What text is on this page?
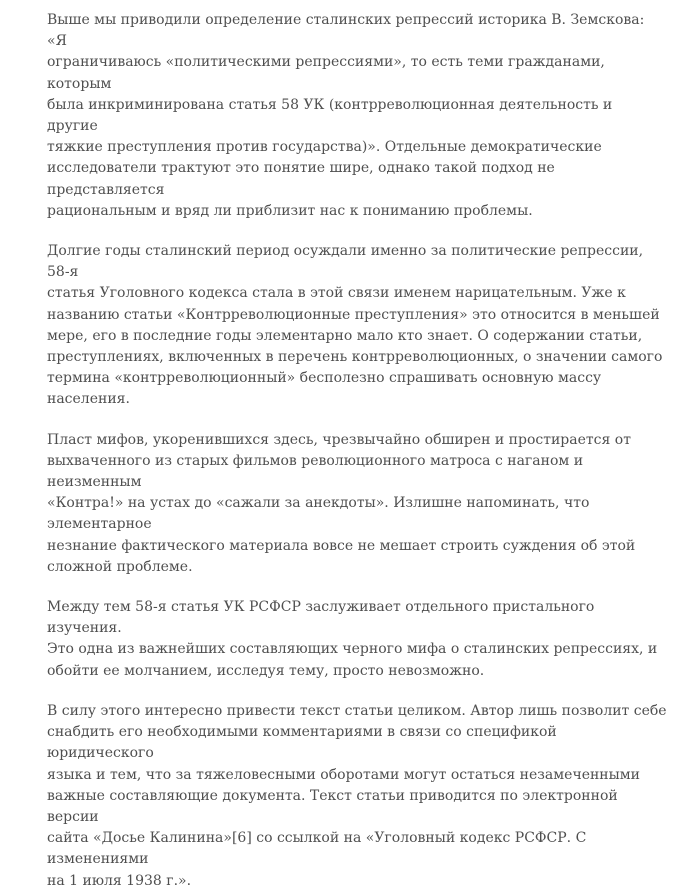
Выше мы приводили определение сталинских репрессий историка В. Земскова: «Я
ограничиваюсь «политическими репрессиями», то есть теми гражданами, которым
была инкриминирована статья 58 УК (контрреволюционная деятельность и другие
тяжкие преступления против государства)». Отдельные демократические
исследователи трактуют это понятие шире, однако такой подход не представляется
рациональным и вряд ли приблизит нас к пониманию проблемы.

Долгие годы сталинский период осуждали именно за политические репрессии, 58-я
статья Уголовного кодекса стала в этой связи именем нарицательным. Уже к
названию статьи «Контрреволюционные преступления» это относится в меньшей
мере, его в последние годы элементарно мало кто знает. О содержании статьи,
преступлениях, включенных в перечень контрреволюционных, о значении самого
термина «контрреволюционный» бесполезно спрашивать основную массу населения.

Пласт мифов, укоренившихся здесь, чрезвычайно обширен и простирается от
выхваченного из старых фильмов революционного матроса с наганом и неизменным
«Контра!» на устах до «сажали за анекдоты». Излишне напоминать, что элементарное
незнание фактического материала вовсе не мешает строить суждения об этой
сложной проблеме.

Между тем 58-я статья УК РСФСР заслуживает отдельного пристального изучения.
Это одна из важнейших составляющих черного мифа о сталинских репрессиях, и
обойти ее молчанием, исследуя тему, просто невозможно.

В силу этого интересно привести текст статьи целиком. Автор лишь позволит себе
снабдить его необходимыми комментариями в связи со спецификой юридического
языка и тем, что за тяжеловесными оборотами могут остаться незамеченными
важные составляющие документа. Текст статьи приводится по электронной версии
сайта «Досье Калинина»[6] со ссылкой на «Уголовный кодекс РСФСР. С изменениями
на 1 июля 1938 г.».
